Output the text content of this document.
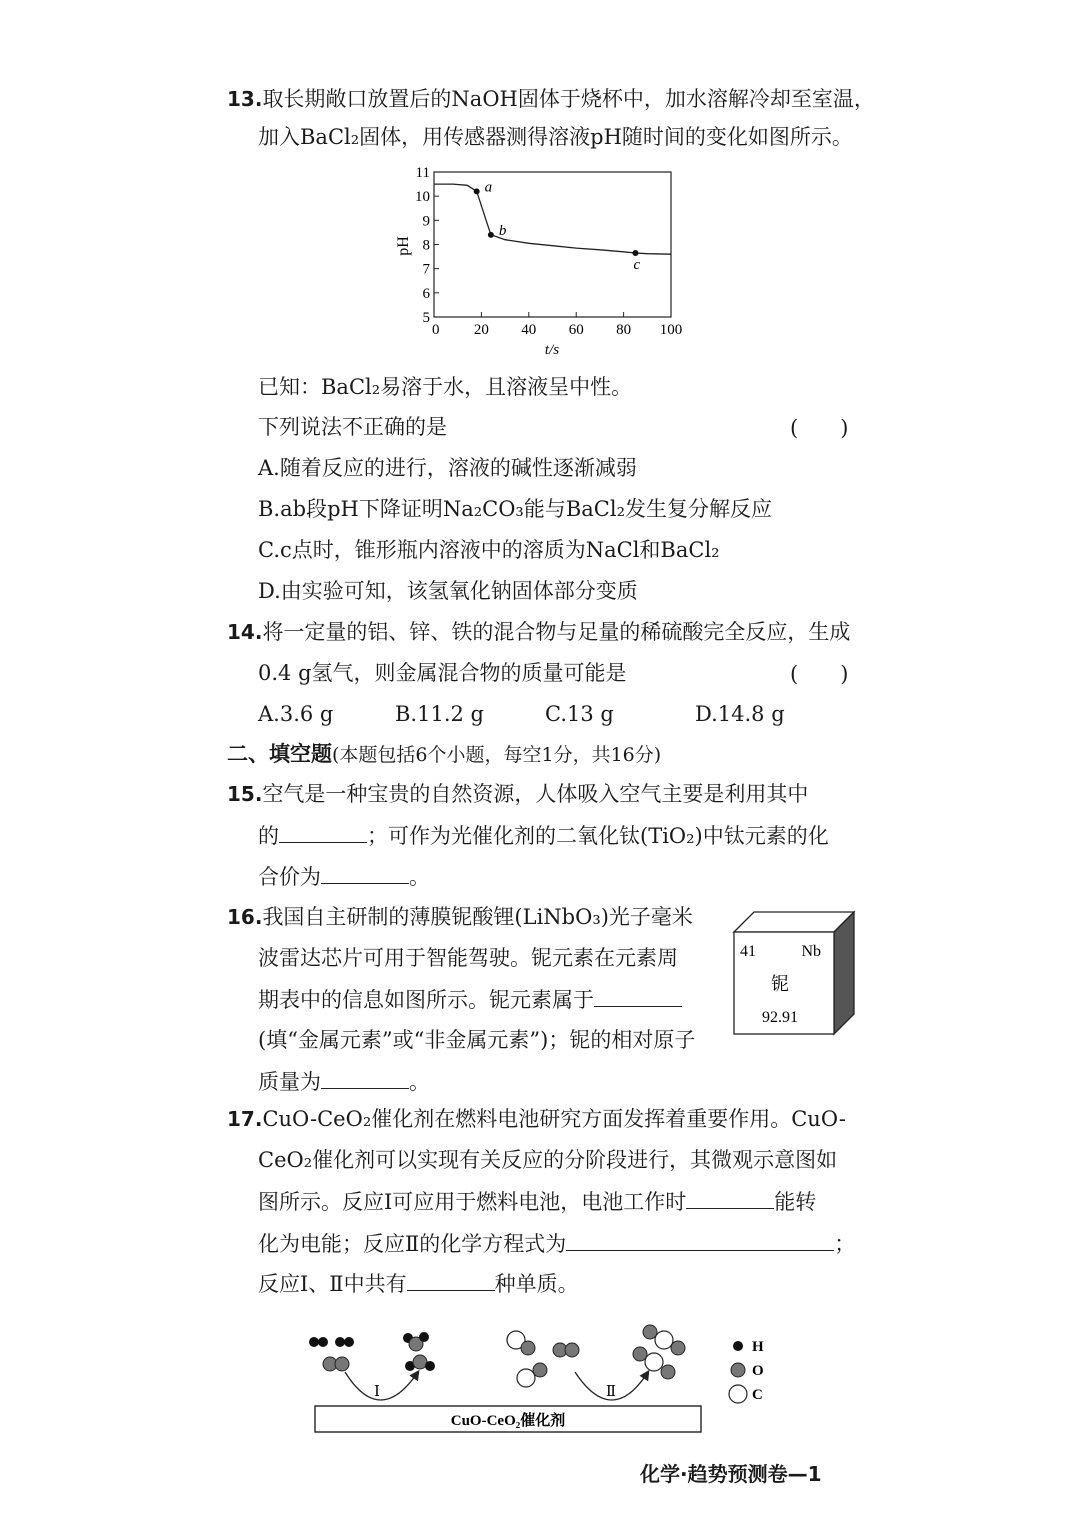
13.取长期敞口放置后的NaOH固体于烧杯中，加水溶解冷却至室温，
加入BaCl₂固体，用传感器测得溶液pH随时间的变化如图所示。
5
6
7
8
9
10
11
0 20 40 60 80 100
a
b
c
t/s
pH
已知：BaCl₂易溶于水，且溶液呈中性。
下列说法不正确的是	(　　)
A.随着反应的进行，溶液的碱性逐渐减弱
B.ab段pH下降证明Na₂CO₃能与BaCl₂发生复分解反应
C.c点时，锥形瓶内溶液中的溶质为NaCl和BaCl₂
D.由实验可知，该氢氧化钠固体部分变质
14.将一定量的铝、锌、铁的混合物与足量的稀硫酸完全反应，生成
0.4 g氢气，则金属混合物的质量可能是	(　　)
A.3.6 g	B.11.2 g	C.13 g	D.14.8 g
二、填空题(本题包括6个小题，每空1分，共16分)
15.空气是一种宝贵的自然资源，人体吸入空气主要是利用其中
的	；可作为光催化剂的二氧化钛(TiO₂)中钛元素的化
合价为	。
16.我国自主研制的薄膜铌酸锂(LiNbO₃)光子毫米
波雷达芯片可用于智能驾驶。铌元素在元素周
期表中的信息如图所示。铌元素属于
(填“金属元素”或“非金属元素”)；铌的相对原子
质量为	。
41	Nb
铌
92.91
17.CuO-CeO₂催化剂在燃料电池研究方面发挥着重要作用。CuO-
CeO₂催化剂可以实现有关反应的分阶段进行，其微观示意图如
图所示。反应Ⅰ可应用于燃料电池，电池工作时	能转
化为电能；反应Ⅱ的化学方程式为	；
反应Ⅰ、Ⅱ中共有	种单质。
CuO-CeO₂催化剂
Ⅰ	Ⅱ
H
O
C
化学·趋势预测卷—1
